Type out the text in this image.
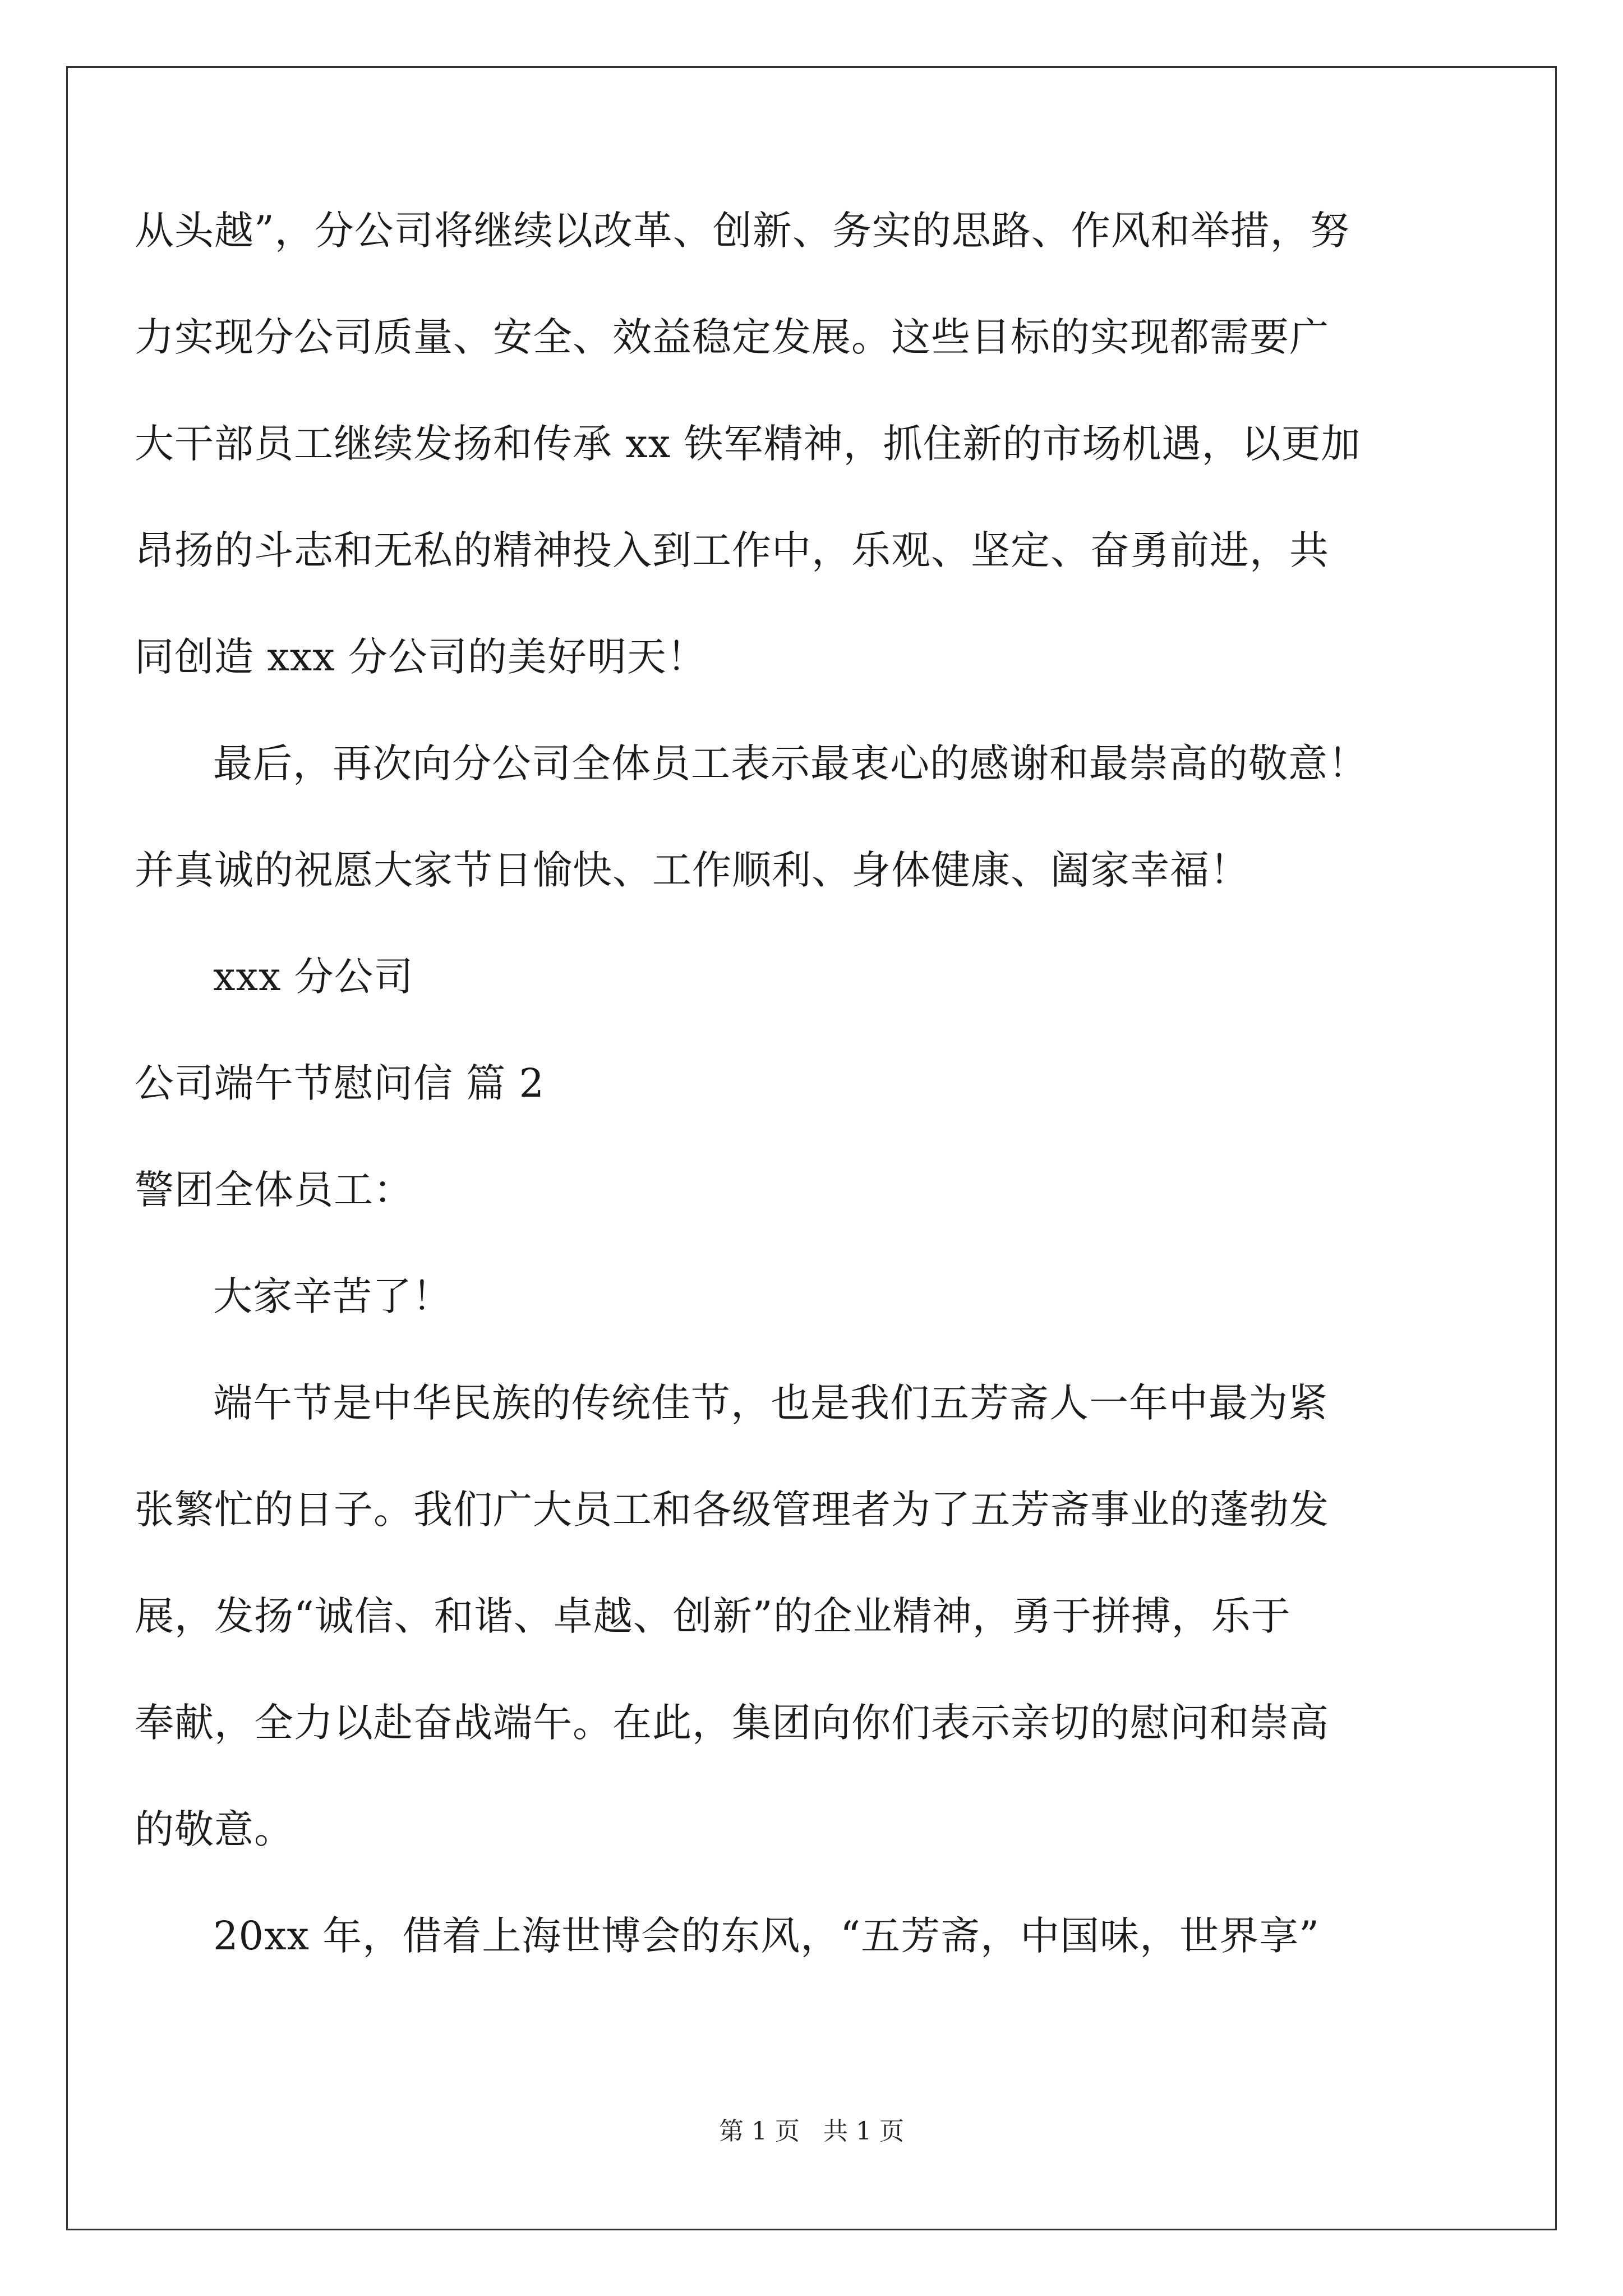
从头越”，分公司将继续以改革、创新、务实的思路、作风和举措，努
力实现分公司质量、安全、效益稳定发展。这些目标的实现都需要广
大干部员工继续发扬和传承 xx 铁军精神，抓住新的市场机遇，以更加
昂扬的斗志和无私的精神投入到工作中，乐观、坚定、奋勇前进，共
同创造 xxx 分公司的美好明天！
最后，再次向分公司全体员工表示最衷心的感谢和最崇高的敬意！
并真诚的祝愿大家节日愉快、工作顺利、身体健康、阖家幸福！
xxx 分公司
公司端午节慰问信 篇 2
警团全体员工：
大家辛苦了！
端午节是中华民族的传统佳节，也是我们五芳斋人一年中最为紧
张繁忙的日子。我们广大员工和各级管理者为了五芳斋事业的蓬勃发
展，发扬“诚信、和谐、卓越、创新”的企业精神，勇于拼搏，乐于
奉献，全力以赴奋战端午。在此，集团向你们表示亲切的慰问和崇高
的敬意。
20xx 年，借着上海世博会的东风，“五芳斋，中国味，世界享”
第 1 页 共 1 页
